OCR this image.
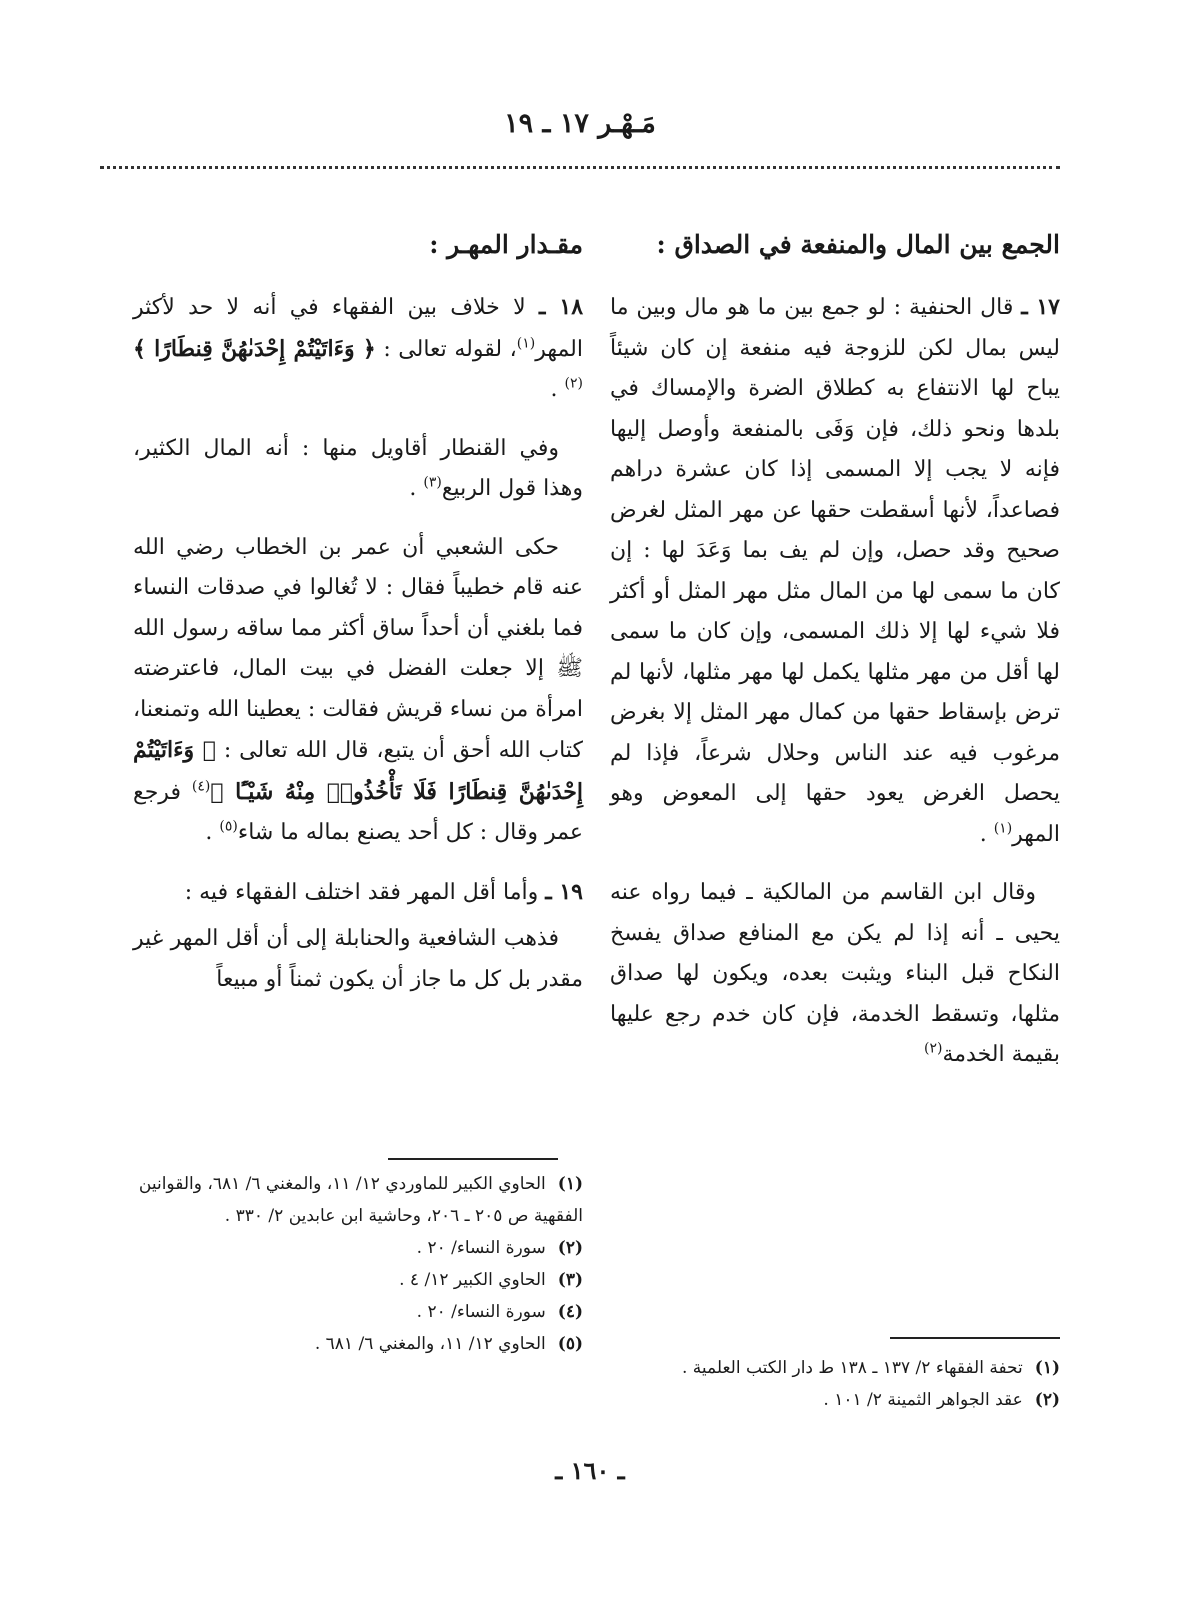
مَـهْـر ١٧ ـ ١٩
الجمع بين المال والمنفعة في الصداق :

١٧ ـ قال الحنفية : لو جمع بين ما هو مال وبين ما ليس بمال لكن للزوجة فيه منفعة إن كان شيئاً يباح لها الانتفاع به كطلاق الضرة والإمساك في بلدها ونحو ذلك، فإن وَفَى بالمنفعة وأوصل إليها فإنه لا يجب إلا المسمى إذا كان عشرة دراهم فصاعداً، لأنها أسقطت حقها عن مهر المثل لغرض صحيح وقد حصل، وإن لم يف بما وَعَدَ لها : إن كان ما سمى لها من المال مثل مهر المثل أو أكثر فلا شيء لها إلا ذلك المسمى، وإن كان ما سمى لها أقل من مهر مثلها يكمل لها مهر مثلها، لأنها لم ترض بإسقاط حقها من كمال مهر المثل إلا بغرض مرغوب فيه عند الناس وحلال شرعاً، فإذا لم يحصل الغرض يعود حقها إلى المعوض وهو المهر$^{(١)}$ .

وقال ابن القاسم من المالكية ـ فيما رواه عنه يحيى ـ أنه إذا لم يكن مع المنافع صداق يفسخ النكاح قبل البناء ويثبت بعده، ويكون لها صداق مثلها، وتسقط الخدمة، فإن كان خدم رجع عليها بقيمة الخدمة$^{(٢)}$

(١)تحفة الفقهاء ٢/ ١٣٧ ـ ١٣٨ ط دار الكتب العلمية .
(٢)عقد الجواهر الثمينة ٢/ ١٠١ .
مقـدار المهـر :

١٨ ـ لا خلاف بين الفقهاء في أنه لا حد لأكثر المهر$^{(١)}$، لقوله تعالى : ﴿ وَءَاتَيْتُمْ إِحْدَىٰهُنَّ قِنطَارًا ﴾$^{(٢)}$ .

وفي القنطار أقاويل منها : أنه المال الكثير، وهذا قول الربيع$^{(٣)}$ .

حكى الشعبي أن عمر بن الخطاب رضي الله عنه قام خطيباً فقال : لا تُغالوا في صدقات النساء فما بلغني أن أحداً ساق أكثر مما ساقه رسول الله ﷺ إلا جعلت الفضل في بيت المال، فاعترضته امرأة من نساء قريش فقالت : يعطينا الله وتمنعنا، كتاب الله أحق أن يتبع، قال الله تعالى : ﴿ وَءَاتَيْتُمْ إِحْدَىٰهُنَّ قِنطَارًا فَلَا تَأْخُذُوا۟ مِنْهُ شَيْـًٔا ﴾$^{(٤)}$ فرجع عمر وقال : كل أحد يصنع بماله ما شاء$^{(٥)}$ .

١٩ ـ وأما أقل المهر فقد اختلف الفقهاء فيه :

فذهب الشافعية والحنابلة إلى أن أقل المهر غير مقدر بل كل ما جاز أن يكون ثمناً أو مبيعاً

(١)الحاوي الكبير للماوردي ١٢/ ١١، والمغني ٦/ ٦٨١، والقوانين الفقهية ص ٢٠٥ ـ ٢٠٦، وحاشية ابن عابدين ٢/ ٣٣٠ .
(٢)سورة النساء/ ٢٠ .
(٣)الحاوي الكبير ١٢/ ٤ .
(٤)سورة النساء/ ٢٠ .
(٥)الحاوي ١٢/ ١١، والمغني ٦/ ٦٨١ .
ـ ١٦٠ ـ
